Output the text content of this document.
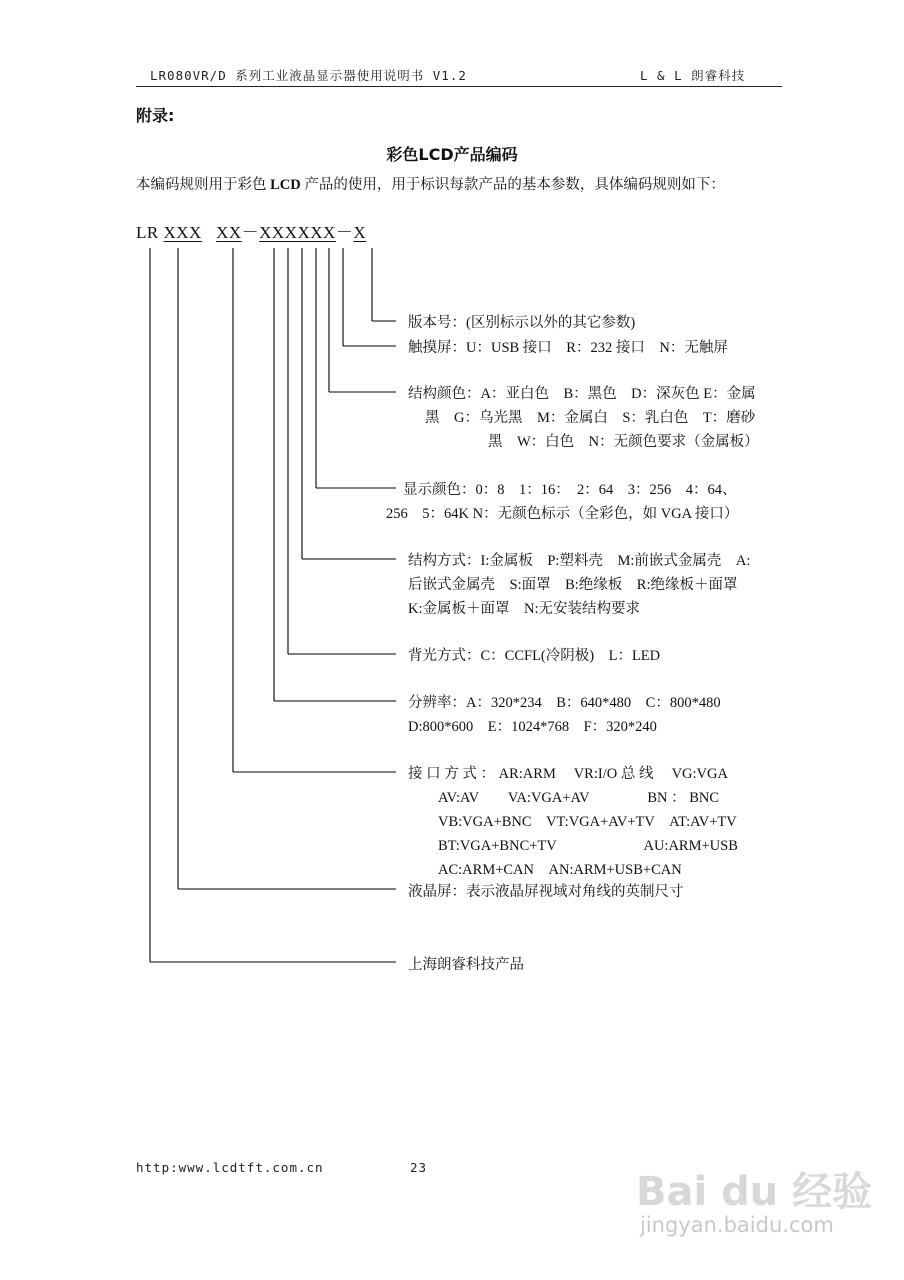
LR080VR/D 系列工业液晶显示器使用说明书 V1.2	L & L 朗睿科技
附录:
彩色LCD产品编码
本编码规则用于彩色 LCD 产品的使用，用于标识每款产品的基本参数，具体编码规则如下：
LR XXX XX－XXXXXX－X
版本号：(区别标示以外的其它参数)
触摸屏：U：USB 接口　R：232 接口　N：无触屏
结构颜色：A：亚白色　B：黑色　D：深灰色 E：金属
黑　G：乌光黑　M：金属白　S：乳白色　T：磨砂
黑　W：白色　N：无颜色要求（金属板）
显示颜色：0：8　1：16：　2：64　3：256　4：64、
256　5：64K N：无颜色标示（全彩色，如 VGA 接口）
结构方式：I:金属板　P:塑料壳　M:前嵌式金属壳　A:
后嵌式金属壳　S:面罩　B:绝缘板　R:绝缘板＋面罩
K:金属板＋面罩　N:无安装结构要求
背光方式：C：CCFL(冷阴极)　L：LED
分辨率：A：320*234　B：640*480　C：800*480
D:800*600　E：1024*768　F：320*240
接 口 方 式 ： AR:ARM　 VR:I/O 总 线　 VG:VGA
AV:AV　　VA:VGA+AV　　　　BN ： BNC
VB:VGA+BNC　VT:VGA+AV+TV　AT:AV+TV
BT:VGA+BNC+TV　　　　　　AU:ARM+USB
AC:ARM+CAN　AN:ARM+USB+CAN
液晶屏：表示液晶屏视域对角线的英制尺寸
上海朗睿科技产品
http:www.lcdtft.com.cn	23
Bai du 经验
jingyan.baidu.com
